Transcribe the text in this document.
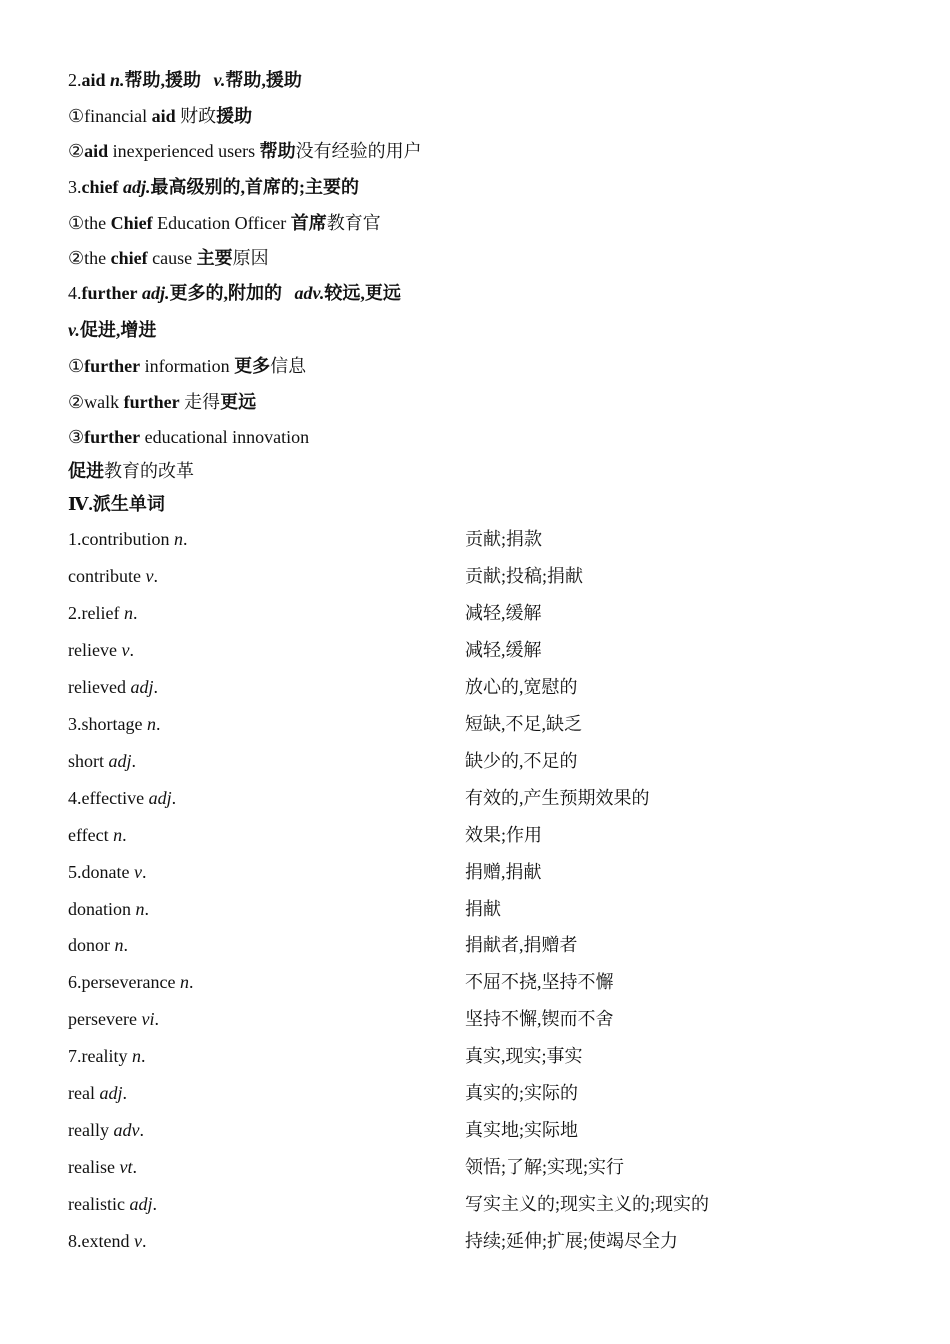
2.aid n.帮助,援助 v.帮助,援助
①financial aid 财政援助
②aid inexperienced users 帮助没有经验的用户
3.chief adj.最高级别的,首席的;主要的
①the Chief Education Officer 首席教育官
②the chief cause 主要原因
4.further adj.更多的,附加的 adv.较远,更远
v.促进,增进
①further information 更多信息
②walk further 走得更远
③further educational innovation
促进教育的改革
Ⅳ.派生单词
1.contribution n.	贡献;捐款
contribute v.	贡献;投稿;捐献
2.relief n.	减轻,缓解
relieve v.	减轻,缓解
relieved adj.	放心的,宽慰的
3.shortage n.	短缺,不足,缺乏
short adj.	缺少的,不足的
4.effective adj.	有效的,产生预期效果的
effect n.	效果;作用
5.donate v.	捐赠,捐献
donation n.	捐献
donor n.	捐献者,捐赠者
6.perseverance n.	不屈不挠,坚持不懈
persevere vi.	坚持不懈,锲而不舍
7.reality n.	真实,现实;事实
real adj.	真实的;实际的
really adv.	真实地;实际地
realise vt.	领悟;了解;实现;实行
realistic adj.	写实主义的;现实主义的;现实的
8.extend v.	持续;延伸;扩展;使竭尽全力
